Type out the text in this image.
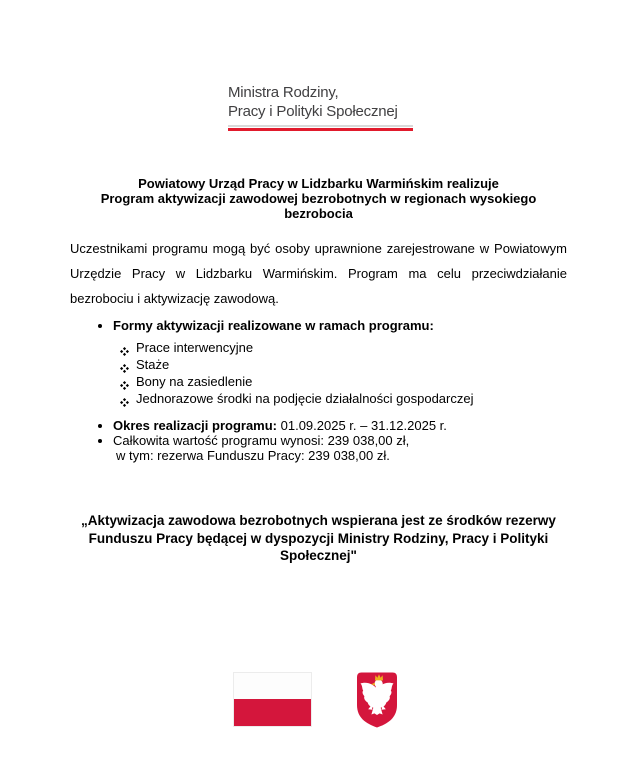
Ministra Rodziny,
Pracy i Polityki Społecznej
Powiatowy Urząd Pracy w Lidzbarku Warmińskim realizuje
Program aktywizacji zawodowej bezrobotnych w regionach wysokiego
bezrobocia
Uczestnikami programu mogą być osoby uprawnione zarejestrowane w Powiatowym Urzędzie Pracy w Lidzbarku Warmińskim. Program ma celu przeciwdziałanie bezrobociu i aktywizację zawodową.
Formy aktywizacji realizowane w ramach programu:
Prace interwencyjne
Staże
Bony na zasiedlenie
Jednorazowe środki na podjęcie działalności gospodarczej
Okres realizacji programu: 01.09.2025 r. – 31.12.2025 r.
Całkowita wartość programu wynosi: 239 038,00 zł,
w tym: rezerwa Funduszu Pracy: 239 038,00 zł.
„Aktywizacja zawodowa bezrobotnych wspierana jest ze środków rezerwy
Funduszu Pracy będącej w dyspozycji Ministry Rodziny, Pracy i Polityki
Społecznej"
